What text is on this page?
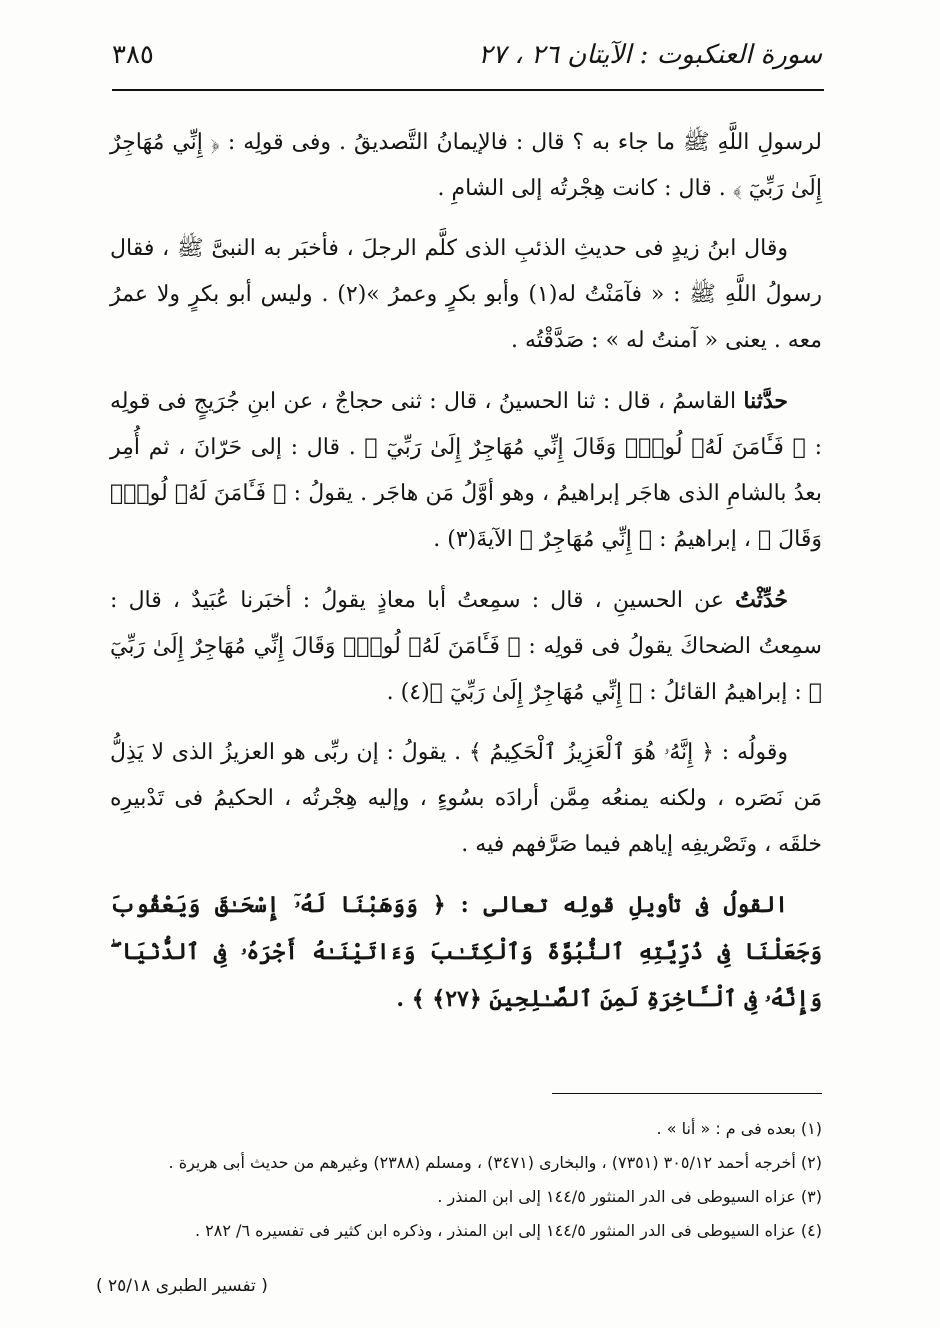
سورة العنكبوت : الآيتان ٢٦ ، ٢٧
٣٨٥

لرسولِ اللَّهِ ﷺ ما جاء به ؟ قال : فالإيمانُ التَّصديقُ . وفى قولِه : ﴿ إِنِّي مُهَاجِرٌ إِلَىٰ رَبِّيٓ ﴾ . قال : كانت هِجْرتُه إلى الشامِ .

وقال ابنُ زيدٍ فى حديثِ الذئبِ الذى كلَّم الرجلَ ، فأخبَر به النبىَّ ﷺ ، فقال رسولُ اللَّهِ ﷺ : « فآمَنْتُ له(١) وأبو بكرٍ وعمرُ »(٢) . وليس أبو بكرٍ ولا عمرُ معه . يعنى « آمنتُ له » : صَدَّقْتُه .

حدَّثنا القاسمُ ، قال : ثنا الحسينُ ، قال : ثنى حجاجٌ ، عن ابنِ جُرَيجٍ فى قولِه : ﴿ فَـَٔامَنَ لَهُۥ لُوطٌۘ وَقَالَ إِنِّي مُهَاجِرٌ إِلَىٰ رَبِّيٓ ﴾ . قال : إلى حَرّانَ ، ثم أُمِر بعدُ بالشامِ الذى هاجَر إبراهيمُ ، وهو أوَّلُ مَن هاجَر . يقولُ : ﴿ فَـَٔامَنَ لَهُۥ لُوطٌۘ وَقَالَ ﴾ ، إبراهيمُ : ﴿ إِنِّي مُهَاجِرٌ ﴾ الآيةَ(٣) .

حُدِّثْتُ عن الحسينِ ، قال : سمِعتُ أبا معاذٍ يقولُ : أخبَرنا عُبَيدٌ ، قال : سمِعتُ الضحاكَ يقولُ فى قولِه : ﴿ فَـَٔامَنَ لَهُۥ لُوطٌۘ وَقَالَ إِنِّي مُهَاجِرٌ إِلَىٰ رَبِّيٓ ﴾ : إبراهيمُ القائلُ : ﴿ إِنِّي مُهَاجِرٌ إِلَىٰ رَبِّيٓ ﴾(٤) .

وقولُه : ﴿ إِنَّهُۥ هُوَ ٱلْعَزِيزُ ٱلْحَكِيمُ ﴾ . يقولُ : إن ربِّى هو العزيزُ الذى لا يَذِلُّ مَن نَصَره ، ولكنه يمنعُه مِمَّن أرادَه بسُوءٍ ، وإليه هِجْرتُه ، الحكيمُ فى تَدْبيرِه خلقَه ، وتَصْريفِه إياهم فيما صَرَّفهم فيه .

القولُ فى تأويلِ قولِه تعالى : ﴿ وَوَهَبْنَا لَهُۥٓ إِسْحَـٰقَ وَيَعْقُوبَ وَجَعَلْنَا فِى ذُرِّيَّتِهِ ٱلنُّبُوَّةَ وَٱلْكِتَـٰبَ وَءَاتَيْنَـٰهُ أَجْرَهُۥ فِى ٱلدُّنْيَا ۖ وَإِنَّهُۥ فِى ٱلْـَٔاخِرَةِ لَمِنَ ٱلصَّـٰلِحِينَ ﴿٢٧﴾ ﴾ .

(١) بعده فى م : « أنا » .
(٢) أخرجه أحمد ٣٠٥/١٢ (٧٣٥١) ، والبخارى (٣٤٧١) ، ومسلم (٢٣٨٨) وغيرهم من حديث أبى هريرة .
(٣) عزاه السيوطى فى الدر المنثور ١٤٤/٥ إلى ابن المنذر .
(٤) عزاه السيوطى فى الدر المنثور ١٤٤/٥ إلى ابن المنذر ، وذكره ابن كثير فى تفسيره ٦/ ٢٨٢ .
( تفسير الطبرى ٢٥/١٨ )
